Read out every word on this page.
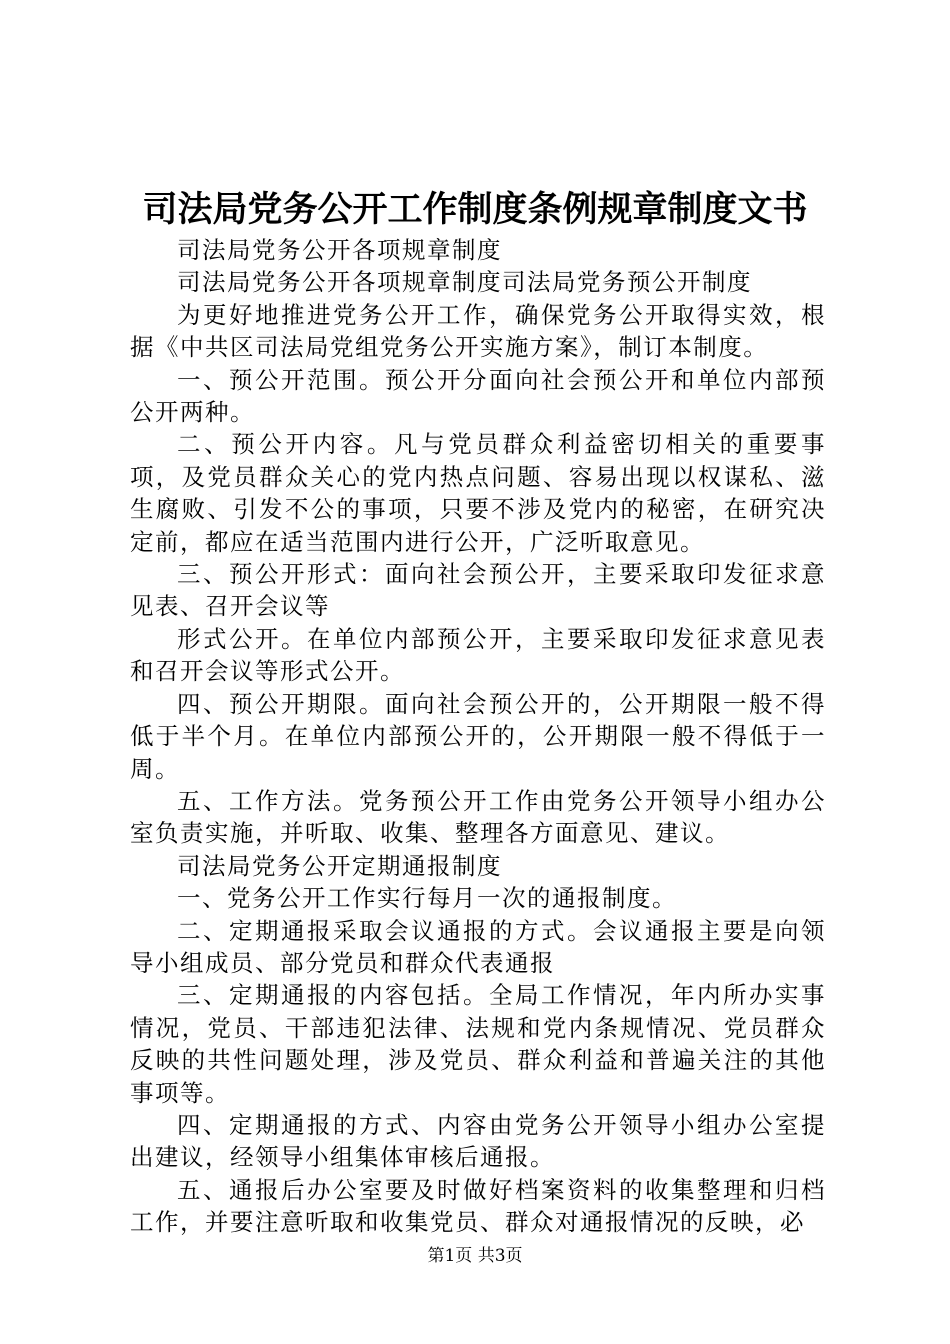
司法局党务公开工作制度条例规章制度文书

司法局党务公开各项规章制度

司法局党务公开各项规章制度司法局党务预公开制度

为更好地推进党务公开工作，确保党务公开取得实效，根据《中共区司法局党组党务公开实施方案》，制订本制度。

一、预公开范围。预公开分面向社会预公开和单位内部预公开两种。

二、预公开内容。凡与党员群众利益密切相关的重要事项，及党员群众关心的党内热点问题、容易出现以权谋私、滋生腐败、引发不公的事项，只要不涉及党内的秘密，在研究决定前，都应在适当范围内进行公开，广泛听取意见。

三、预公开形式：面向社会预公开，主要采取印发征求意见表、召开会议等

形式公开。在单位内部预公开，主要采取印发征求意见表和召开会议等形式公开。

四、预公开期限。面向社会预公开的，公开期限一般不得低于半个月。在单位内部预公开的，公开期限一般不得低于一周。

五、工作方法。党务预公开工作由党务公开领导小组办公室负责实施，并听取、收集、整理各方面意见、建议。

司法局党务公开定期通报制度

一、党务公开工作实行每月一次的通报制度。

二、定期通报采取会议通报的方式。会议通报主要是向领导小组成员、部分党员和群众代表通报

三、定期通报的内容包括。全局工作情况，年内所办实事情况，党员、干部违犯法律、法规和党内条规情况、党员群众反映的共性问题处理，涉及党员、群众利益和普遍关注的其他事项等。

四、定期通报的方式、内容由党务公开领导小组办公室提出建议，经领导小组集体审核后通报。

五、通报后办公室要及时做好档案资料的收集整理和归档工作，并要注意听取和收集党员、群众对通报情况的反映，必

第1页 共3页
